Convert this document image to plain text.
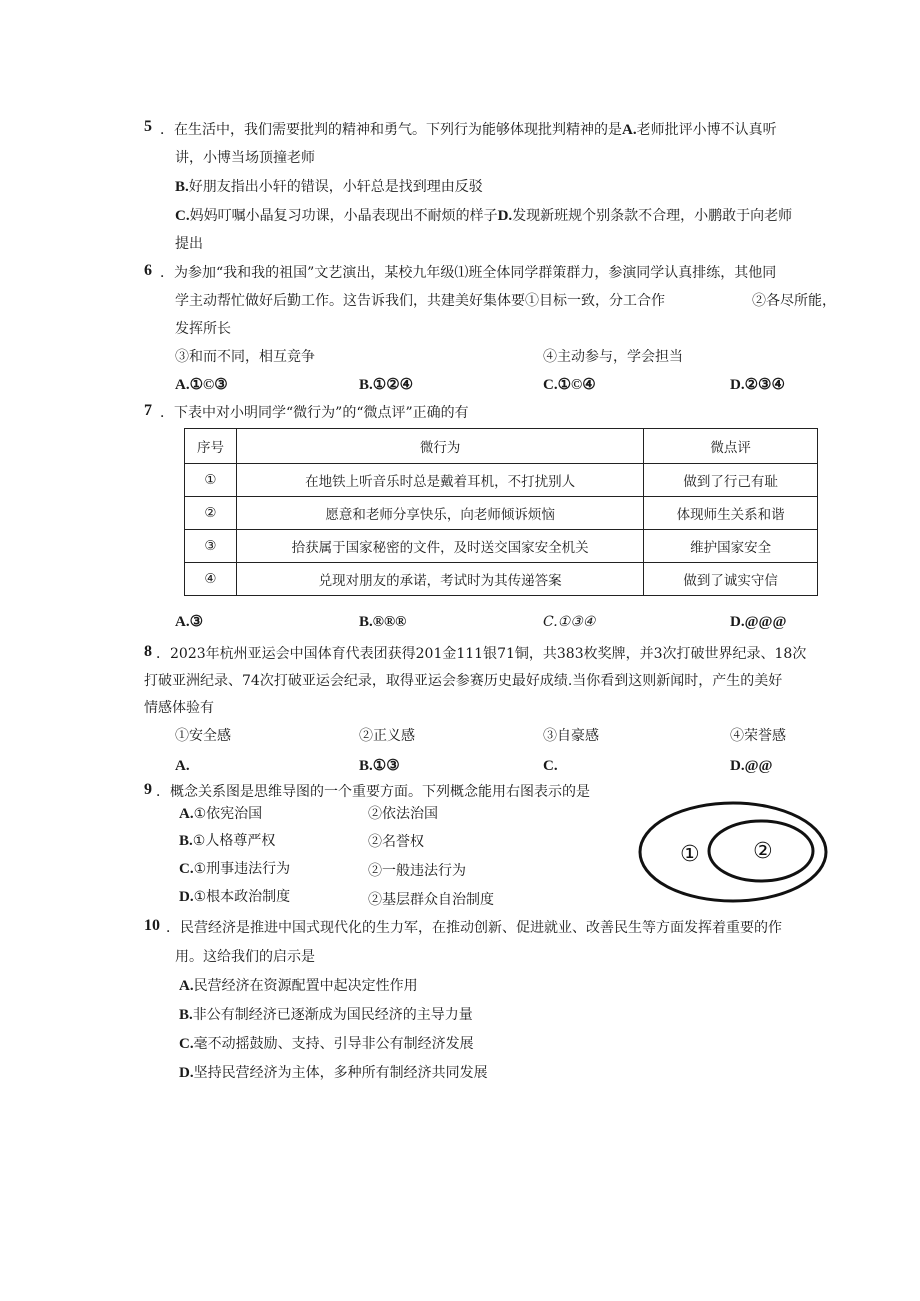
5 ．在生活中，我们需要批判的精神和勇气。下列行为能够体现批判精神的是A.老师批评小博不认真听
讲，小博当场顶撞老师
B.好朋友指出小轩的错误，小轩总是找到理由反驳
C.妈妈叮嘱小晶复习功课，小晶表现出不耐烦的样子D.发现新班规个别条款不合理，小鹏敢于向老师
提出
6 ．为参加“我和我的祖国”文艺演出，某校九年级⑴班全体同学群策群力，参演同学认真排练，其他同
学主动帮忙做好后勤工作。这告诉我们，共建美好集体要①目标一致，分工合作	②各尽所能，
发挥所长
③和而不同，相互竞争	④主动参与，学会担当
A.①©③	B.①②④	C.①©④	D.②③④
7 ．下表中对小明同学“微行为”的“微点评”正确的有
序号	微行为	微点评
①	在地铁上听音乐时总是戴着耳机，不打扰别人	做到了行己有耻
②	愿意和老师分享快乐，向老师倾诉烦恼	体现师生关系和谐
③	拾获属于国家秘密的文件，及时送交国家安全机关	维护国家安全
④	兑现对朋友的承诺，考试时为其传递答案	做到了诚实守信
A.③	B.®®®	C.①③④	D.@@@
8 ．2023年杭州亚运会中国体育代表团获得201金111银71铜，共383枚奖牌，并3次打破世界纪录、18次
打破亚洲纪录、74次打破亚运会纪录，取得亚运会参赛历史最好成绩.当你看到这则新闻时，产生的美好
情感体验有
①安全感	②正义感	③自豪感	④荣誉感
A.	B.①③	C.	D.@@
9 ．概念关系图是思维导图的一个重要方面。下列概念能用右图表示的是
A.①依宪治国	②依法治国
B.①人格尊严权	②名誉权
C.①刑事违法行为	②一般违法行为
D.①根本政治制度	②基层群众自治制度
① ②
10 ．民营经济是推进中国式现代化的生力军，在推动创新、促进就业、改善民生等方面发挥着重要的作
用。这给我们的启示是
A.民营经济在资源配置中起决定性作用
B.非公有制经济已逐渐成为国民经济的主导力量
C.毫不动摇鼓励、支持、引导非公有制经济发展
D.坚持民营经济为主体，多种所有制经济共同发展
